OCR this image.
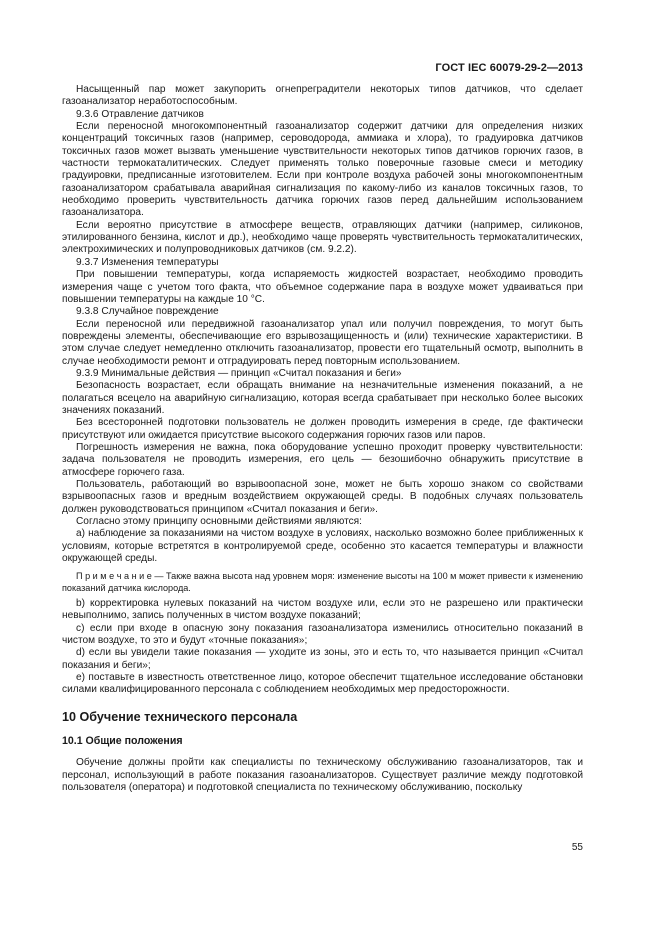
ГОСТ IEC 60079-29-2—2013

Насыщенный пар может закупорить огнепреградители некоторых типов датчиков, что сделает газоанализатор неработоспособным.

9.3.6 Отравление датчиков

Если переносной многокомпонентный газоанализатор содержит датчики для определения низких концентраций токсичных газов (например, сероводорода, аммиака и хлора), то градуировка датчиков токсичных газов может вызвать уменьшение чувствительности некоторых типов датчиков горючих газов, в частности термокаталитических. Следует применять только поверочные газовые смеси и методику градуировки, предписанные изготовителем. Если при контроле воздуха рабочей зоны многокомпонентным газоанализатором срабатывала аварийная сигнализация по какому-либо из каналов токсичных газов, то необходимо проверить чувствительность датчика горючих газов перед дальнейшим использованием газоанализатора.

Если вероятно присутствие в атмосфере веществ, отравляющих датчики (например, силиконов, этилированного бензина, кислот и др.), необходимо чаще проверять чувствительность термокаталитических, электрохимических и полупроводниковых датчиков (см. 9.2.2).

9.3.7 Изменения температуры

При повышении температуры, когда испаряемость жидкостей возрастает, необходимо проводить измерения чаще с учетом того факта, что объемное содержание пара в воздухе может удваиваться при повышении температуры на каждые 10 °С.

9.3.8 Случайное повреждение

Если переносной или передвижной газоанализатор упал или получил повреждения, то могут быть повреждены элементы, обеспечивающие его взрывозащищенность и (или) технические характеристики. В этом случае следует немедленно отключить газоанализатор, провести его тщательный осмотр, выполнить в случае необходимости ремонт и отградуировать перед повторным использованием.

9.3.9 Минимальные действия — принцип «Считал показания и беги»

Безопасность возрастает, если обращать внимание на незначительные изменения показаний, а не полагаться всецело на аварийную сигнализацию, которая всегда срабатывает при несколько более высоких значениях показаний.

Без всесторонней подготовки пользователь не должен проводить измерения в среде, где фактически присутствуют или ожидается присутствие высокого содержания горючих газов или паров.

Погрешность измерения не важна, пока оборудование успешно проходит проверку чувствительности: задача пользователя не проводить измерения, его цель — безошибочно обнаружить присутствие в атмосфере горючего газа.

Пользователь, работающий во взрывоопасной зоне, может не быть хорошо знаком со свойствами взрывоопасных газов и вредным воздействием окружающей среды. В подобных случаях пользователь должен руководствоваться принципом «Считал показания и беги».

Согласно этому принципу основными действиями являются:

а) наблюдение за показаниями на чистом воздухе в условиях, насколько возможно более приближенных к условиям, которые встретятся в контролируемой среде, особенно это касается температуры и влажности окружающей среды.

П р и м е ч а н и е — Также важна высота над уровнем моря: изменение высоты на 100 м может привести к изменению показаний датчика кислорода.

b) корректировка нулевых показаний на чистом воздухе или, если это не разрешено или практически невыполнимо, запись полученных в чистом воздухе показаний;

с) если при входе в опасную зону показания газоанализатора изменились относительно показаний в чистом воздухе, то это и будут «точные показания»;

d) если вы увидели такие показания — уходите из зоны, это и есть то, что называется принцип «Считал показания и беги»;

е) поставьте в известность ответственное лицо, которое обеспечит тщательное исследование обстановки силами квалифицированного персонала с соблюдением необходимых мер предосторожности.

10 Обучение технического персонала
10.1 Общие положения

Обучение должны пройти как специалисты по техническому обслуживанию газоанализаторов, так и персонал, использующий в работе показания газоанализаторов. Существует различие между подготовкой пользователя (оператора) и подготовкой специалиста по техническому обслуживанию, поскольку

55
